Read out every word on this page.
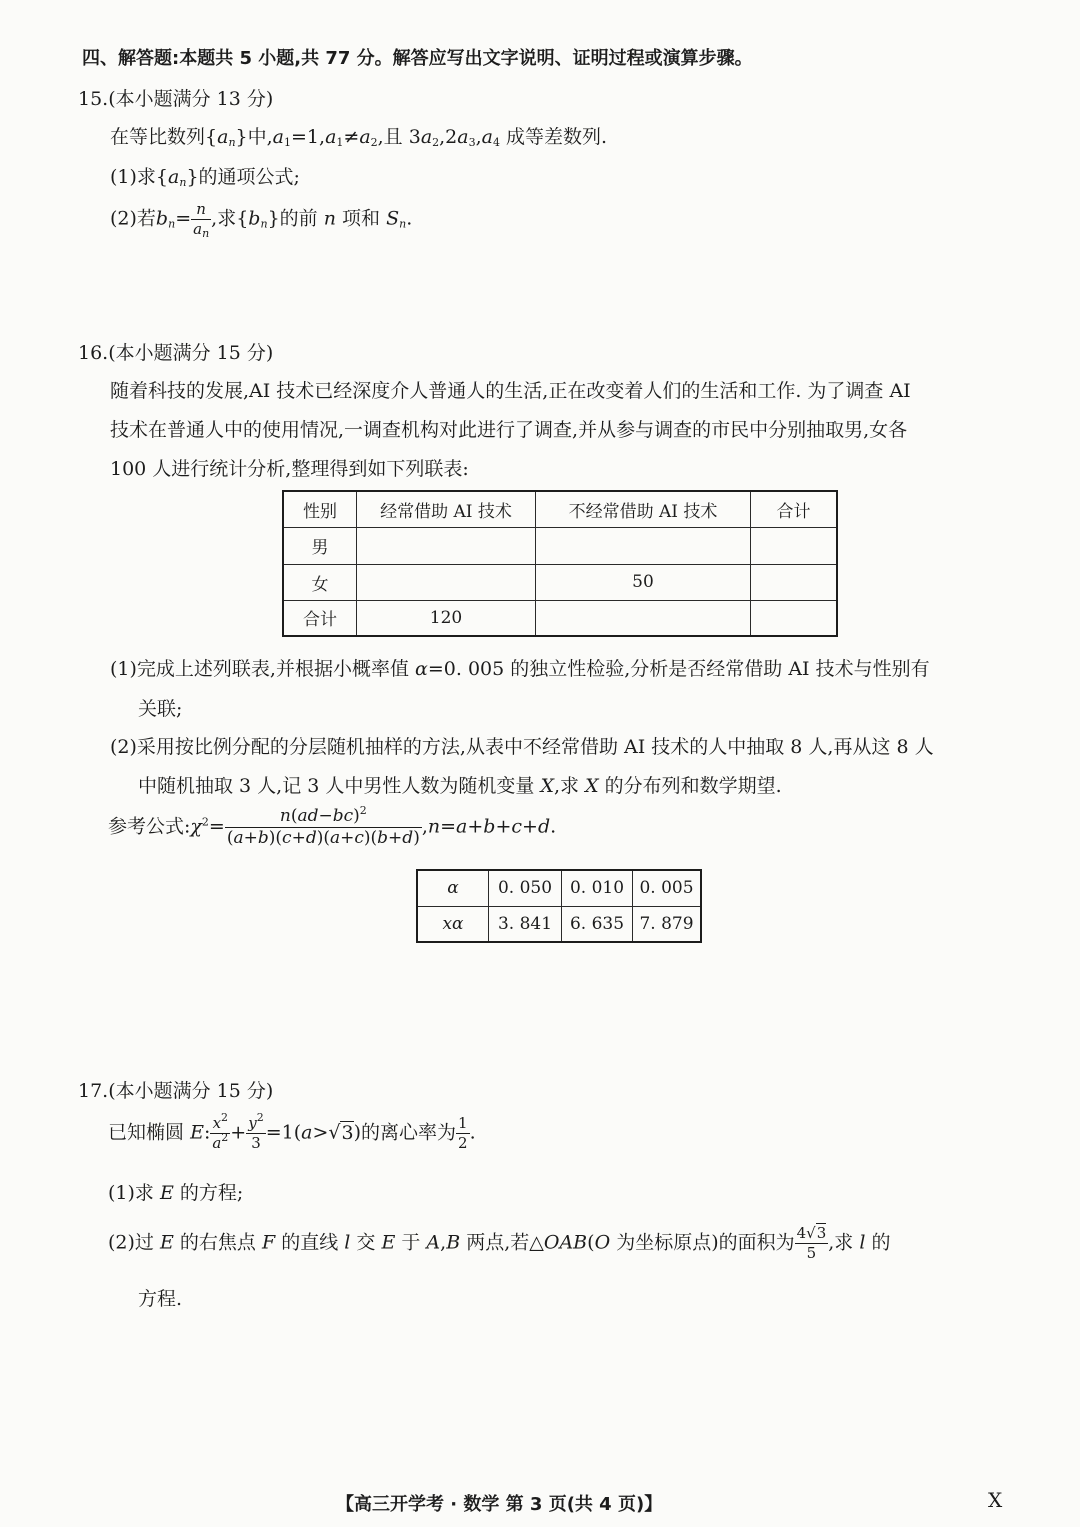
四、解答题:本题共 5 小题,共 77 分。解答应写出文字说明、证明过程或演算步骤。
15.(本小题满分 13 分)
在等比数列$\{a_n\}$中$,a_1=1,a_1\ne a_2$,且 $3a_2,2a_3,a_4$ 成等差数列.
(1)求$\{a_n\}$的通项公式;
(2)若$b_n= \frac{n}{a_n}$ ,求$\{b_n\}$的前 n 项和 $S_n$.
16.(本小题满分 15 分)
随着科技的发展,AI 技术已经深度介人普通人的生活,正在改变着人们的生活和工作. 为了调查 AI
技术在普通人中的使用情况,一调查机构对此进行了调查,并从参与调查的市民中分别抽取男,女各
100 人进行统计分析,整理得到如下列联表:
性别	经常借助 AI 技术	不经常借助 AI 技术	合计
男			
女		50	
合计	120		
(1)完成上述列联表,并根据小概率值 α=0. 005 的独立性检验,分析是否经常借助 AI 技术与性别有
关联;
(2)采用按比例分配的分层随机抽样的方法,从表中不经常借助 AI 技术的人中抽取 8 人,再从这 8 人
中随机抽取 3 人,记 3 人中男性人数为随机变量 X,求 X 的分布列和数学期望.
参考公式$:\chi^2= \frac{n(ad-bc)^2}{(a+b)(c+d)(a+c)(b+d)} ,n=a+b+c+d$.
α	0. 050	0. 010	0. 005
xα	3. 841	6. 635	7. 879
17.(本小题满分 15 分)
已知椭圆 E: $\frac{x^2}{a^2} + \frac{y^2}{3} =1(a>√3)$的离心率为 $\frac{1}{2}$ .
(1)求 E 的方程;
(2)过 E 的右焦点 F 的直线 l 交 E 于 A,B 两点,若△OAB(O 为坐标原点)的面积为 $\frac{4√3}{5}$ ,求 l 的
方程.
【高三开学考 · 数学 第 3 页(共 4 页)】	X
